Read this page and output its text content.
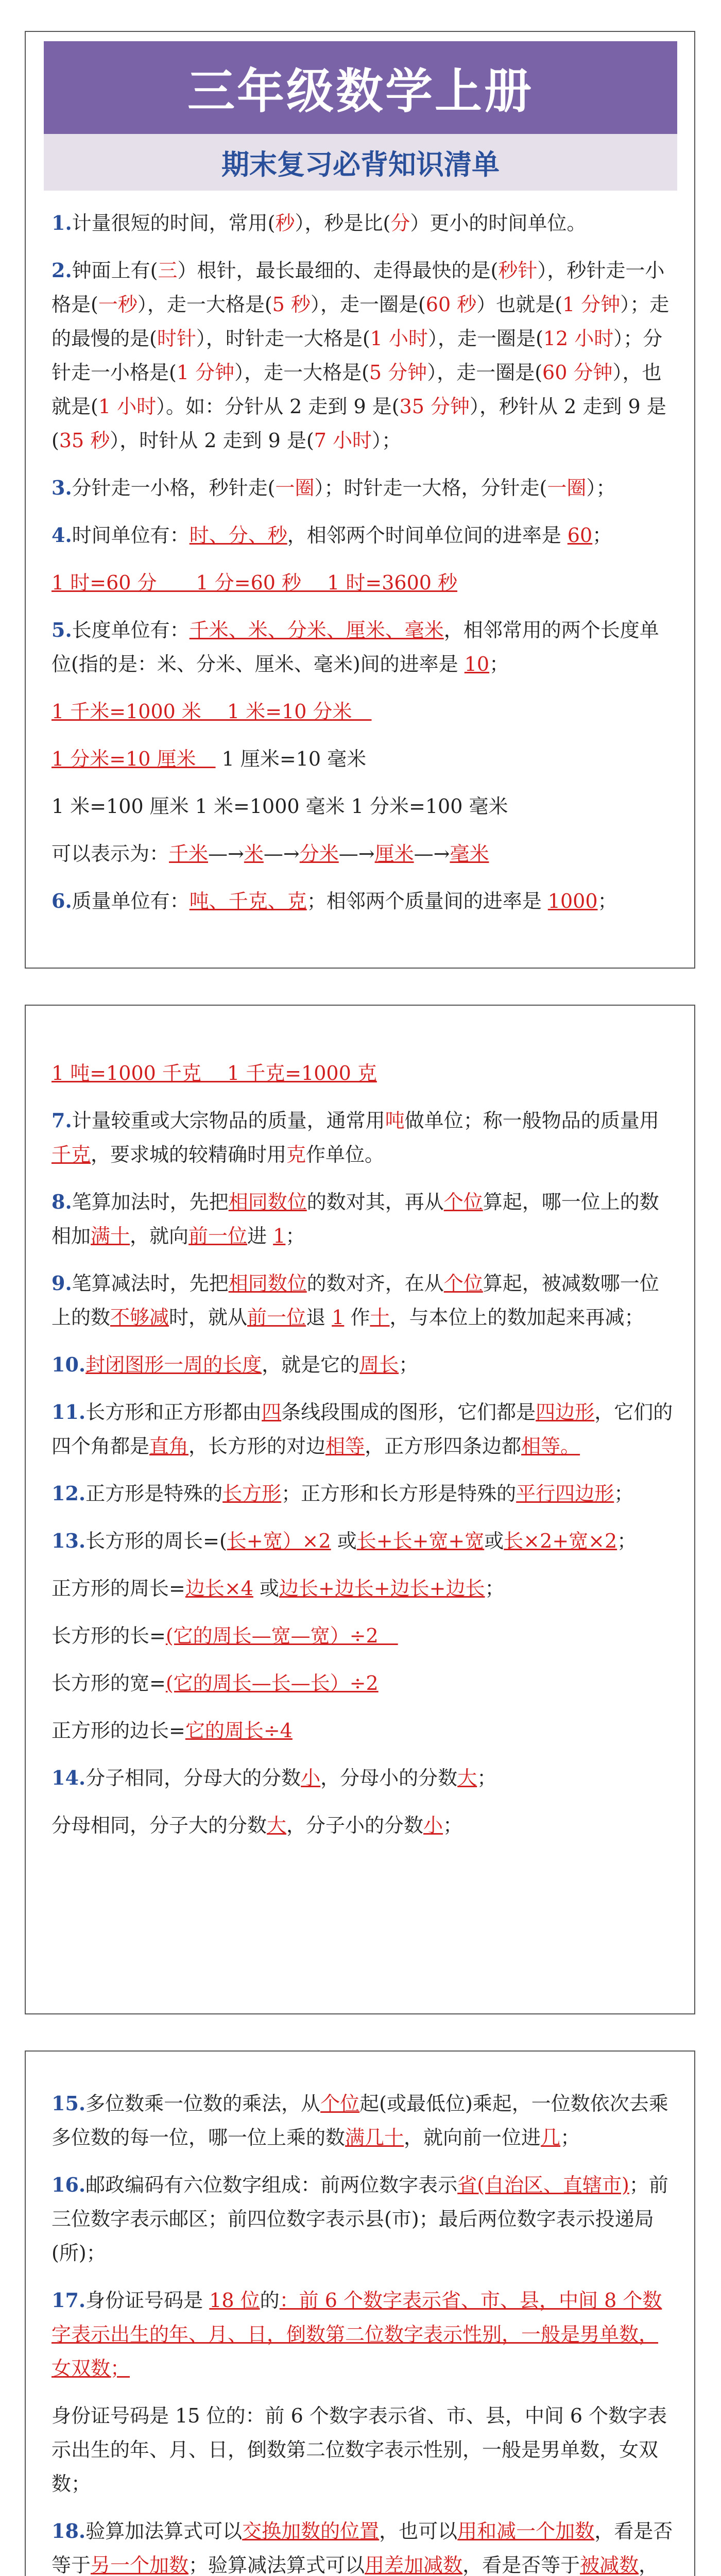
三年级数学上册
期末复习必背知识清单
1.计量很短的时间，常用(秒），秒是比(分）更小的时间单位。
2.钟面上有(三）根针，最长最细的、走得最快的是(秒针），秒针走一小格是(一秒），走一大格是(5 秒），走一圈是(60 秒）也就是(1 分钟）；走的最慢的是(时针），时针走一大格是(1 小时），走一圈是(12 小时）；分针走一小格是(1 分钟），走一大格是(5 分钟），走一圈是(60 分钟），也就是(1 小时）。如：分针从 2 走到 9 是(35 分钟），秒针从 2 走到 9 是(35 秒），时针从 2 走到 9 是(7 小时）；
3.分针走一小格，秒针走(一圈）；时针走一大格，分针走(一圈）；
4.时间单位有：时、分、秒，相邻两个时间单位间的进率是 60；
1 时=60 分　　1 分=60 秒　 1 时=3600 秒
5.长度单位有：千米、米、分米、厘米、毫米，相邻常用的两个长度单位(指的是：米、分米、厘米、毫米)间的进率是 10；
1 千米=1000 米　 1 米=10 分米　
1 分米=10 厘米　 1 厘米=10 毫米
1 米=100 厘米 1 米=1000 毫米 1 分米=100 毫米
可以表示为：千米—→米—→分米—→厘米—→毫米
6.质量单位有：吨、千克、克；相邻两个质量间的进率是 1000；
1 吨=1000 千克　 1 千克=1000 克
7.计量较重或大宗物品的质量，通常用吨做单位；称一般物品的质量用千克，要求城的较精确时用克作单位。
8.笔算加法时，先把相同数位的数对其，再从个位算起，哪一位上的数相加满十，就向前一位进 1；
9.笔算减法时，先把相同数位的数对齐，在从个位算起，被减数哪一位上的数不够减时，就从前一位退 1 作十，与本位上的数加起来再减；
10.封闭图形一周的长度，就是它的周长；
11.长方形和正方形都由四条线段围成的图形，它们都是四边形，它们的四个角都是直角，长方形的对边相等，正方形四条边都相等。
12.正方形是特殊的长方形；正方形和长方形是特殊的平行四边形；
13.长方形的周长=(长+宽）×2 或长+长+宽+宽或长×2+宽×2；
正方形的周长=边长×4 或边长+边长+边长+边长；
长方形的长=(它的周长—宽—宽）÷2　
长方形的宽=(它的周长—长—长）÷2
正方形的边长=它的周长÷4
14.分子相同，分母大的分数小，分母小的分数大；
分母相同，分子大的分数大，分子小的分数小；
15.多位数乘一位数的乘法，从个位起(或最低位)乘起，一位数依次去乘多位数的每一位，哪一位上乘的数满几十，就向前一位进几；
16.邮政编码有六位数字组成：前两位数字表示省(自治区、直辖市)；前三位数字表示邮区；前四位数字表示县(市)；最后两位数字表示投递局(所)；
17.身份证号码是 18 位的：前 6 个数字表示省、市、县，中间 8 个数字表示出生的年、月、日，倒数第二位数字表示性别，一般是男单数，女双数；
身份证号码是 15 位的：前 6 个数字表示省、市、县，中间 6 个数字表示出生的年、月、日，倒数第二位数字表示性别，一般是男单数，女双数；
18.验算加法算式可以交换加数的位置，也可以用和减一个加数，看是否等于另一个加数；验算减法算式可以用差加减数，看是否等于被减数，
